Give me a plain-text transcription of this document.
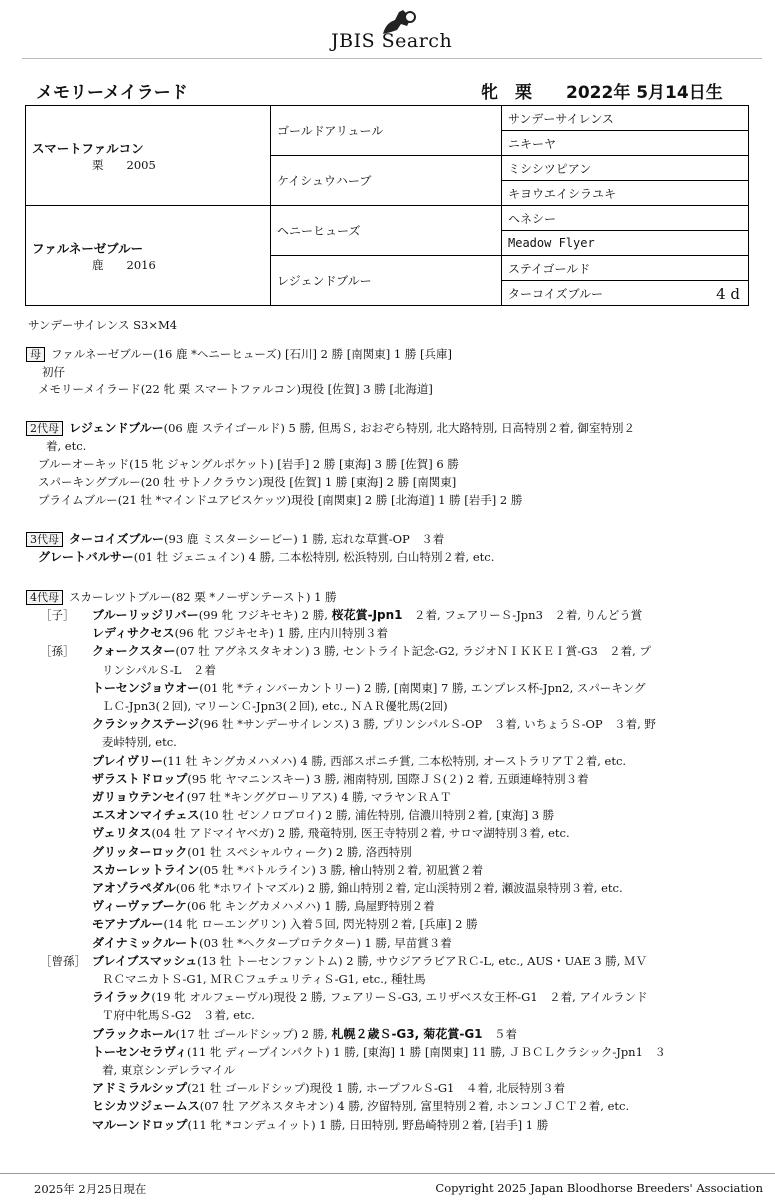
JBIS Search
メモリーメイラード	牝　栗　　2022年 5月14日生
スマートファルコン
栗　　2005	ゴールドアリュール	サンデーサイレンス
		ニキーヤ
	ケイシュウハーブ	ミシシツピアン
		キヨウエイシラユキ

ファルネーゼブルー
鹿　　2016	ヘニーヒューズ	ヘネシー
		Meadow Flyer
	レジェンドブルー	ステイゴールド
		ターコイズブルー 4 d
サンデーサイレンス S3×M4
母 ファルネーゼブルー(16 鹿 *ヘニーヒューズ) [石川] 2 勝 [南関東] 1 勝 [兵庫]
初仔
メモリーメイラード(22 牝 栗 スマートファルコン)現役 [佐賀] 3 勝 [北海道]
2代母 レジェンドブルー(06 鹿 ステイゴールド) 5 勝, 但馬Ｓ, おおぞら特別, 北大路特別, 日高特別２着, 御室特別２
着, etc.
ブルーオーキッド(15 牝 ジャングルポケット) [岩手] 2 勝 [東海] 3 勝 [佐賀] 6 勝
スパーキングブルー(20 牡 サトノクラウン)現役 [佐賀] 1 勝 [東海] 2 勝 [南関東]
プライムブルー(21 牡 *マインドユアビスケッツ)現役 [南関東] 2 勝 [北海道] 1 勝 [岩手] 2 勝
3代母 ターコイズブルー(93 鹿 ミスターシービー) 1 勝, 忘れな草賞-OP　３着
グレートバルサー(01 牡 ジェニュイン) 4 勝, 二本松特別, 松浜特別, 白山特別２着, etc.
4代母 スカーレツトブルー(82 栗 *ノーザンテースト) 1 勝
［子］ ブルーリッジリバー(99 牝 フジキセキ) 2 勝, 桜花賞-Jpn1　２着, フェアリーＳ-Jpn3　２着, りんどう賞
レディサクセス(96 牝 フジキセキ) 1 勝, 庄内川特別３着
［孫］ クォークスター(07 牡 アグネスタキオン) 3 勝, セントライト記念-G2, ラジオＮＩＫＫＥＩ賞-G3　２着, プ
リンシパルＳ-L　２着
トーセンジョウオー(01 牝 *ティンバーカントリー) 2 勝, [南関東] 7 勝, エンプレス杯-Jpn2, スパーキング
ＬＣ-Jpn3(２回), マリーンＣ-Jpn3(２回), etc., ＮＡＲ優牝馬(2回)
クラシックステージ(96 牡 *サンデーサイレンス) 3 勝, プリンシパルＳ-OP　３着, いちょうＳ-OP　３着, 野
麦峠特別, etc.
プレイヴリー(11 牡 キングカメハメハ) 4 勝, 西部スポニチ賞, 二本松特別, オーストラリアＴ２着, etc.
ザラストドロップ(95 牝 ヤマニンスキー) 3 勝, 湘南特別, 国際ＪＳ(２) 2 着, 五頭連峰特別３着
ガリョウテンセイ(97 牡 *キンググローリアス) 4 勝, マラヤンＲＡＴ
エスオンマイチェス(10 牡 ゼンノロブロイ) 2 勝, 浦佐特別, 信濃川特別２着, [東海] 3 勝
ヴェリタス(04 牡 アドマイヤベガ) 2 勝, 飛竜特別, 医王寺特別２着, サロマ湖特別３着, etc.
グリッターロック(01 牡 スペシャルウィーク) 2 勝, 洛西特別
スカーレットライン(05 牡 *バトルライン) 3 勝, 檜山特別２着, 初凪賞２着
アオゾラペダル(06 牝 *ホワイトマズル) 2 勝, 錦山特別２着, 定山渓特別２着, 瀬波温泉特別３着, etc.
ヴィーヴァブーケ(06 牝 キングカメハメハ) 1 勝, 鳥屋野特別２着
モアナブルー(14 牝 ローエングリン) 入着５回, 閃光特別２着, [兵庫] 2 勝
ダイナミックルート(03 牡 *ヘクタープロテクター) 1 勝, 早苗賞３着
［曾孫］ ブレイブスマッシュ(13 牡 トーセンファントム) 2 勝, サウジアラビアＲＣ-L, etc., AUS・UAE 3 勝, ＭＶ
ＲＣマニカトＳ-G1, ＭＲＣフュチュリティＳ-G1, etc., 種牡馬
ライラック(19 牝 オルフェーヴル)現役 2 勝, フェアリーＳ-G3, エリザベス女王杯-G1　２着, アイルランド
Ｔ府中牝馬Ｓ-G2　３着, etc.
ブラックホール(17 牡 ゴールドシップ) 2 勝, 札幌２歳Ｓ-G3, 菊花賞-G1　５着
トーセンセラヴィ(11 牝 ディープインパクト) 1 勝, [東海] 1 勝 [南関東] 11 勝, ＪＢＣＬクラシック-Jpn1　３
着, 東京シンデレラマイル
アドミラルシップ(21 牡 ゴールドシップ)現役 1 勝, ホープフルＳ-G1　４着, 北辰特別３着
ヒシカツジェームス(07 牡 アグネスタキオン) 4 勝, 汐留特別, 富里特別２着, ホンコンＪＣＴ２着, etc.
マルーンドロップ(11 牝 *コンデュイット) 1 勝, 日田特別, 野島崎特別２着, [岩手] 1 勝
2025年 2月25日現在	Copyright 2025 Japan Bloodhorse Breeders' Association
